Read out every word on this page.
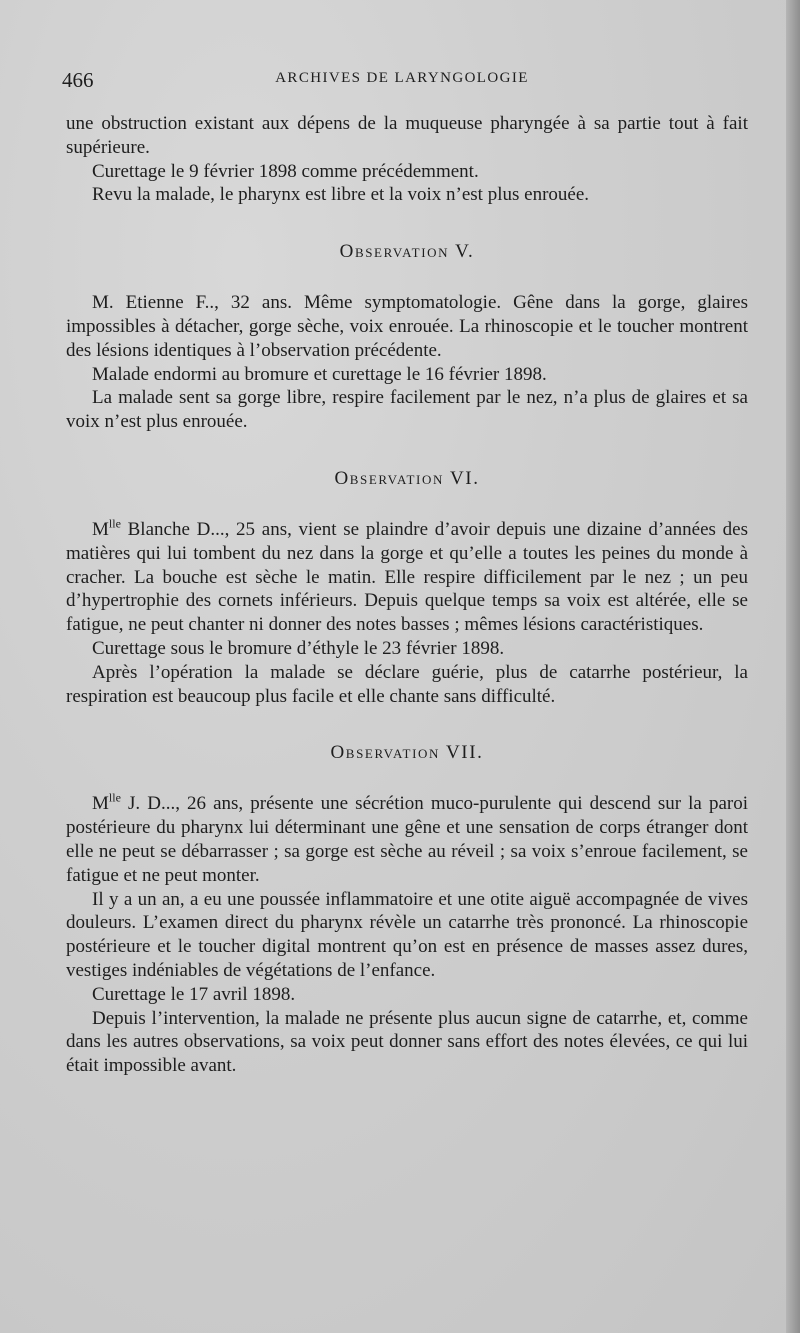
466	ARCHIVES DE LARYNGOLOGIE

une obstruction existant aux dépens de la muqueuse pharyngée à sa partie tout à fait supérieure.

Curettage le 9 février 1898 comme précédemment.

Revu la malade, le pharynx est libre et la voix n’est plus enrouée.

Observation V.

M. Etienne F.., 32 ans. Même symptomatologie. Gêne dans la gorge, glaires impossibles à détacher, gorge sèche, voix enrouée. La rhinoscopie et le toucher montrent des lésions identiques à l’observation précédente.

Malade endormi au bromure et curettage le 16 février 1898.

La malade sent sa gorge libre, respire facilement par le nez, n’a plus de glaires et sa voix n’est plus enrouée.

Observation VI.

$M^{lle}$ Blanche D..., 25 ans, vient se plaindre d’avoir depuis une dizaine d’années des matières qui lui tombent du nez dans la gorge et qu’elle a toutes les peines du monde à cracher. La bouche est sèche le matin. Elle respire difficilement par le nez ; un peu d’hypertrophie des cornets inférieurs. Depuis quelque temps sa voix est altérée, elle se fatigue, ne peut chanter ni donner des notes basses ; mêmes lésions caractéristiques.

Curettage sous le bromure d’éthyle le 23 février 1898.

Après l’opération la malade se déclare guérie, plus de catarrhe postérieur, la respiration est beaucoup plus facile et elle chante sans difficulté.

Observation VII.

$M^{lle}$ J. D..., 26 ans, présente une sécrétion muco-purulente qui descend sur la paroi postérieure du pharynx lui déterminant une gêne et une sensation de corps étranger dont elle ne peut se débarrasser ; sa gorge est sèche au réveil ; sa voix s’enroue facilement, se fatigue et ne peut monter.

Il y a un an, a eu une poussée inflammatoire et une otite aiguë accompagnée de vives douleurs. L’examen direct du pharynx révèle un catarrhe très prononcé. La rhinoscopie postérieure et le toucher digital montrent qu’on est en présence de masses assez dures, vestiges indéniables de végétations de l’enfance.

Curettage le 17 avril 1898.

Depuis l’intervention, la malade ne présente plus aucun signe de catarrhe, et, comme dans les autres observations, sa voix peut donner sans effort des notes élevées, ce qui lui était impossible avant.
